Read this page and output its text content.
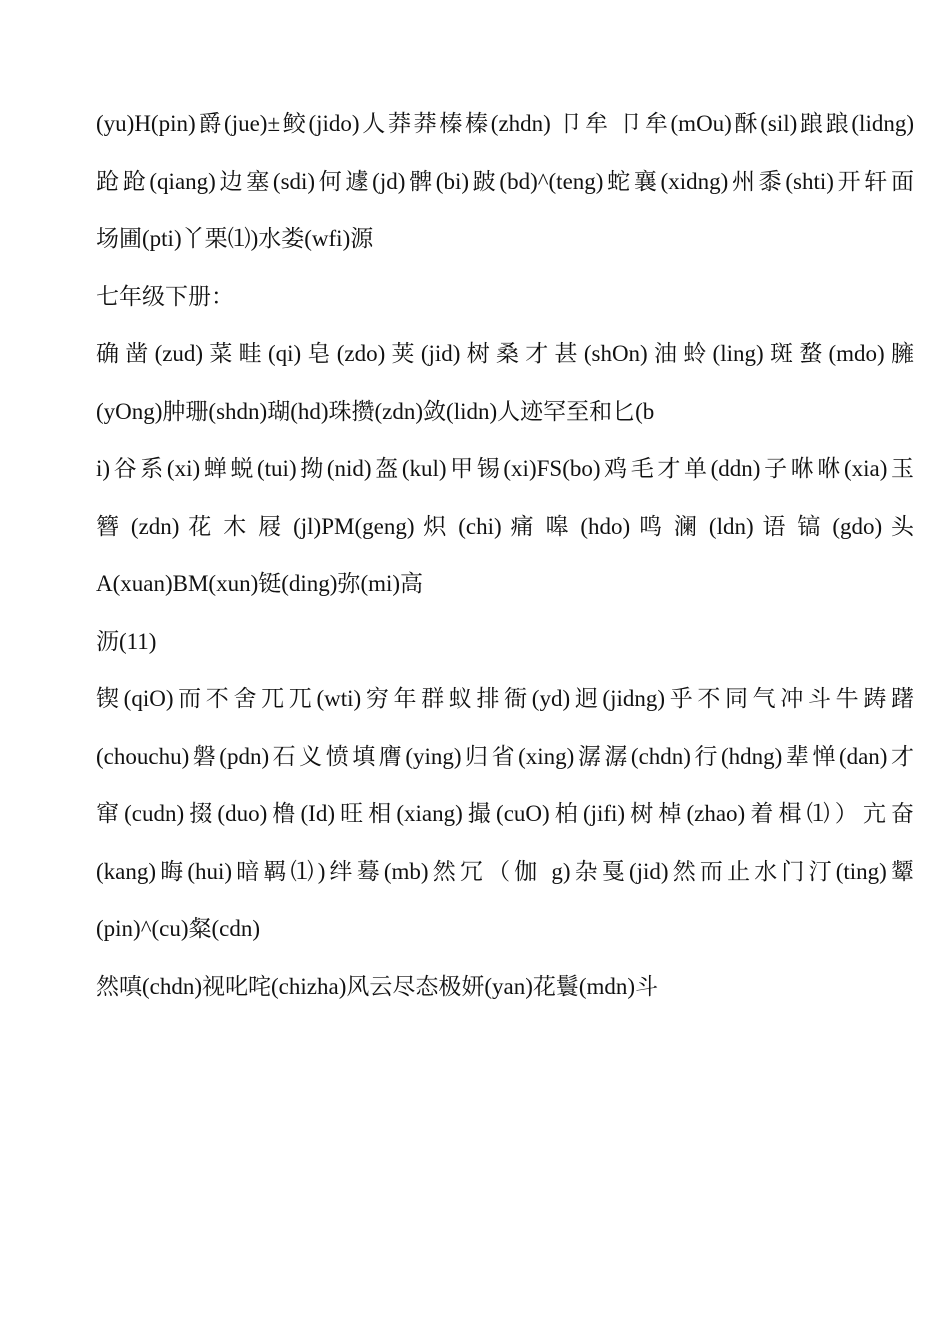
(yu)H(pin)爵(jue)±鲛(jido)人莽莽榛榛(zhdn) 卩牟 卩牟(mOu)酥(sil)踉踉(lidng)

跄跄(qiang)边塞(sdi)何遽(jd)髀(bi)跛(bd)^(teng)蛇襄(xidng)州黍(shti)开轩面

场圃(pti)丫栗⑴)水娄(wfi)源

七年级下册：

确凿(zud)菜畦(qi)皂(zdo)荚(jid)树桑才甚(shOn)油蛉(ling)斑蝥(mdo)臃

(yOng)肿珊(shdn)瑚(hd)珠攒(zdn)敛(lidn)人迹罕至和匕(b

i)谷系(xi)蝉蜕(tui)拗(nid)盔(kul)甲锡(xi)FS(bo)鸡毛才单(ddn)子咻咻(xia)玉

簪 (zdn) 花 木 屐 (jl)PM(geng) 炽 (chi) 痛 嗥 (hdo) 鸣 澜 (ldn) 语 镐 (gdo) 头

A(xuan)BM(xun)铤(ding)弥(mi)高

沥(11)

锲(qiO)而不舍兀兀(wti)穷年群蚁排衙(yd)迥(jidng)乎不同气冲斗牛踌躇

(chouchu)磐(pdn)石义愤填膺(ying)归省(xing)潺潺(chdn)行(hdng)辈惮(dan)才

窜(cudn)掇(duo)橹(Id)旺相(xiang)撮(cuO)柏(jifi)树棹(zhao)着楫⑴）亢奋

(kang)晦(hui)暗羁⑴)绊蓦(mb)然冗（伽 g)杂戛(jid)然而止水门汀(ting)颦

(pin)^(cu)粲(cdn)

然嗔(chdn)视叱咤(chizha)风云尽态极妍(yan)花鬟(mdn)斗
